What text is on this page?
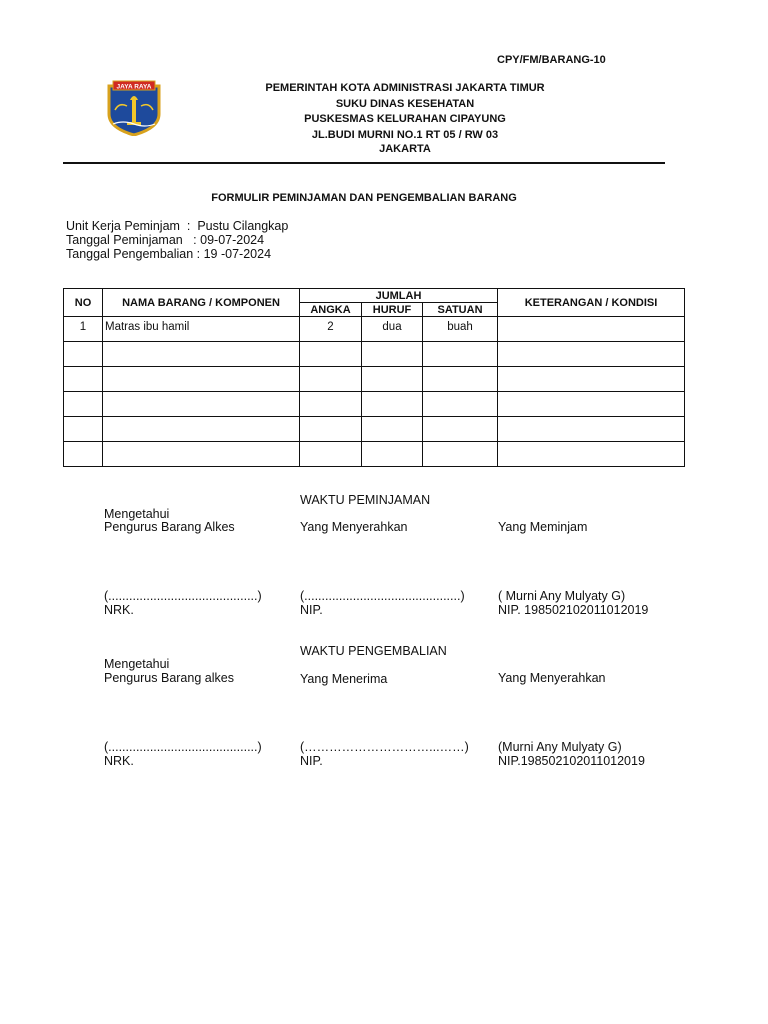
CPY/FM/BARANG-10
JAYA RAYA	PEMERINTAH KOTA ADMINISTRASI JAKARTA TIMUR
SUKU DINAS KESEHATAN
PUSKESMAS KELURAHAN CIPAYUNG
JL.BUDI MURNI NO.1 RT 05 / RW 03
JAKARTA
FORMULIR PEMINJAMAN DAN PENGEMBALIAN BARANG
Unit Kerja Peminjam  :  Pustu Cilangkap
Tanggal Peminjaman   : 09-07-2024
Tanggal Pengembalian : 19 -07-2024
NO	NAMA BARANG / KOMPONEN	JUMLAH			KETERANGAN / KONDISI
		ANGKA	HURUF	SATUAN	
1	Matras ibu hamil	2	dua	buah	

WAKTU PEMINJAMAN
Mengetahui
Pengurus Barang Alkes	Yang Menyerahkan	Yang Meminjam
(...........................................)	(.............................................)	( Murni Any Mulyaty G)
NRK.	NIP.	NIP. 198502102011012019
WAKTU PENGEMBALIAN
Mengetahui
Pengurus Barang alkes	Yang Menerima	Yang Menyerahkan
(...........................................)	(…………………………...……) (Murni Any Mulyaty G)
NRK.	NIP.	NIP.198502102011012019
